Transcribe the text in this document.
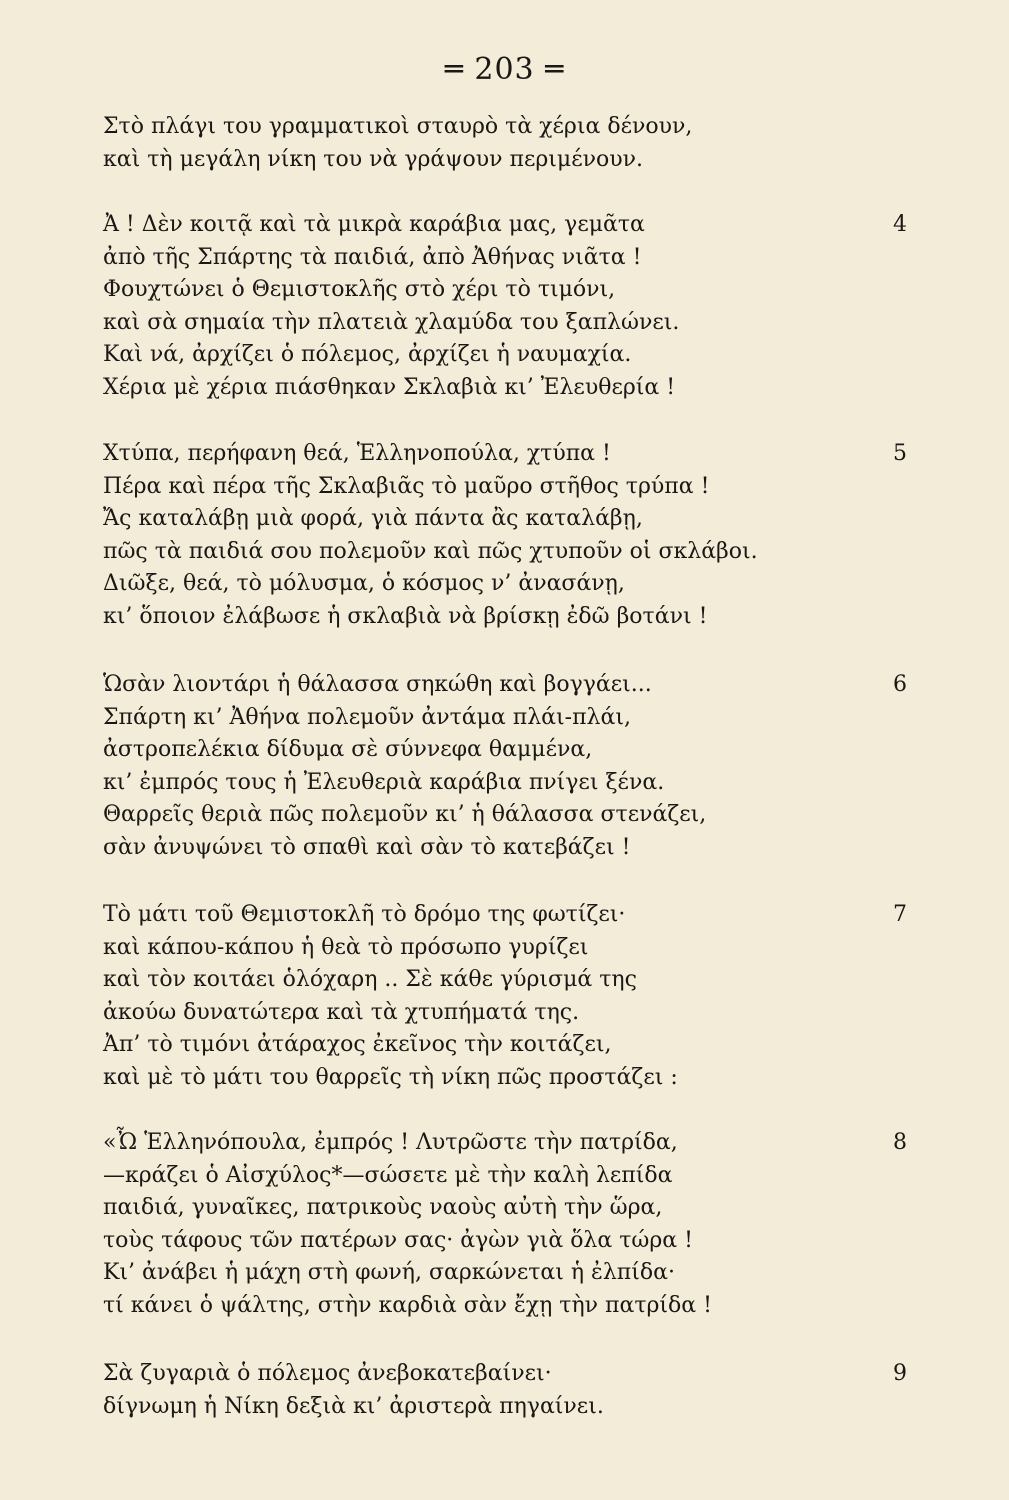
═ 203 ═
Στὸ πλάγι του γραμματικοὶ σταυρὸ τὰ χέρια δένουν,
καὶ τὴ μεγάλη νίκη του νὰ γράψουν περιμένουν.
4
Ἀ ! Δὲν κοιτᾷ καὶ τὰ μικρὰ καράβια μας, γεμᾶτα
ἀπὸ τῆς Σπάρτης τὰ παιδιά, ἀπὸ Ἀθήνας νιᾶτα !
Φουχτώνει ὁ Θεμιστοκλῆς στὸ χέρι τὸ τιμόνι,
καὶ σὰ σημαία τὴν πλατειὰ χλαμύδα του ξαπλώνει.
Καὶ νά, ἀρχίζει ὁ πόλεμος, ἀρχίζει ἡ ναυμαχία.
Χέρια μὲ χέρια πιάσθηκαν Σκλαβιὰ κι’ Ἐλευθερία !
5
Χτύπα, περήφανη θεά, Ἑλληνοπούλα, χτύπα !
Πέρα καὶ πέρα τῆς Σκλαβιᾶς τὸ μαῦρο στῆθος τρύπα !
Ἄς καταλάβῃ μιὰ φορά, γιὰ πάντα ἂς καταλάβῃ,
πῶς τὰ παιδιά σου πολεμοῦν καὶ πῶς χτυποῦν οἱ σκλάβοι.
Διῶξε, θεά, τὸ μόλυσμα, ὁ κόσμος ν’ ἀνασάνῃ,
κι’ ὅποιον ἐλάβωσε ἡ σκλαβιὰ νὰ βρίσκῃ ἐδῶ βοτάνι !
6
Ὡσὰν λιοντάρι ἡ θάλασσα σηκώθη καὶ βογγάει...
Σπάρτη κι’ Ἀθήνα πολεμοῦν ἀντάμα πλάι-πλάι,
ἀστροπελέκια δίδυμα σὲ σύννεφα θαμμένα,
κι’ ἐμπρός τους ἡ Ἐλευθεριὰ καράβια πνίγει ξένα.
Θαρρεῖς θεριὰ πῶς πολεμοῦν κι’ ἡ θάλασσα στενάζει,
σὰν ἀνυψώνει τὸ σπαθὶ καὶ σὰν τὸ κατεβάζει !
7
Τὸ μάτι τοῦ Θεμιστοκλῆ τὸ δρόμο της φωτίζει·
καὶ κάπου-κάπου ἡ θεὰ τὸ πρόσωπο γυρίζει
καὶ τὸν κοιτάει ὁλόχαρη .. Σὲ κάθε γύρισμά της
ἀκούω δυνατώτερα καὶ τὰ χτυπήματά της.
Ἀπ’ τὸ τιμόνι ἀτάραχος ἐκεῖνος τὴν κοιτάζει,
καὶ μὲ τὸ μάτι του θαρρεῖς τὴ νίκη πῶς προστάζει :
8
«Ὦ Ἑλληνόπουλα, ἐμπρός ! Λυτρῶστε τὴν πατρίδα,
—κράζει ὁ Αἰσχύλος*—σώσετε μὲ τὴν καλὴ λεπίδα
παιδιά, γυναῖκες, πατρικοὺς ναοὺς αὐτὴ τὴν ὥρα,
τοὺς τάφους τῶν πατέρων σας· ἀγὼν γιὰ ὅλα τώρα !
Κι’ ἀνάβει ἡ μάχη στὴ φωνή, σαρκώνεται ἡ ἐλπίδα·
τί κάνει ὁ ψάλτης, στὴν καρδιὰ σὰν ἔχῃ τὴν πατρίδα !
9
Σὰ ζυγαριὰ ὁ πόλεμος ἀνεβοκατεβαίνει·
δίγνωμη ἡ Νίκη δεξιὰ κι’ ἀριστερὰ πηγαίνει.
